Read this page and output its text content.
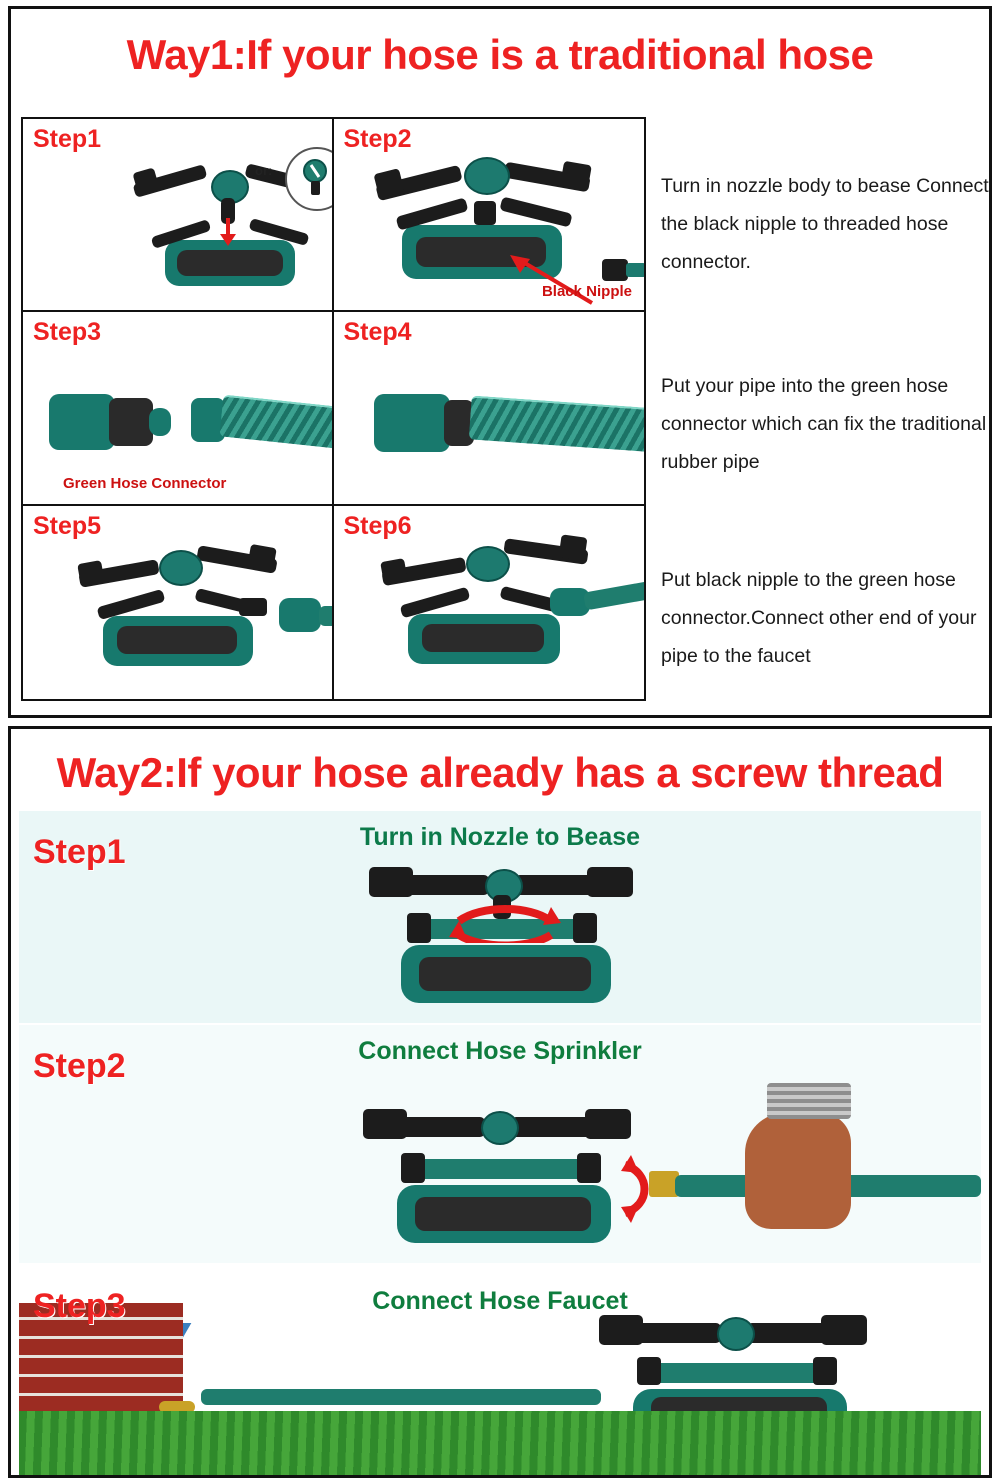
Way1:If your hose is a traditional hose
Step1
or:
Step2
Black Nipple
Step3
Green Hose Connector
Step4
Step5	Step6
Turn in nozzle body to bease Connect the black nipple to threaded hose connector.
Put your pipe into the green hose connector which can fix the traditional rubber pipe
Put black nipple to the green hose connector.Connect other end of your pipe to the faucet
Way2:If your hose already has a screw thread
Step1	Turn in Nozzle to Bease
Step2	Connect Hose Sprinkler
Step3	Connect Hose Faucet
